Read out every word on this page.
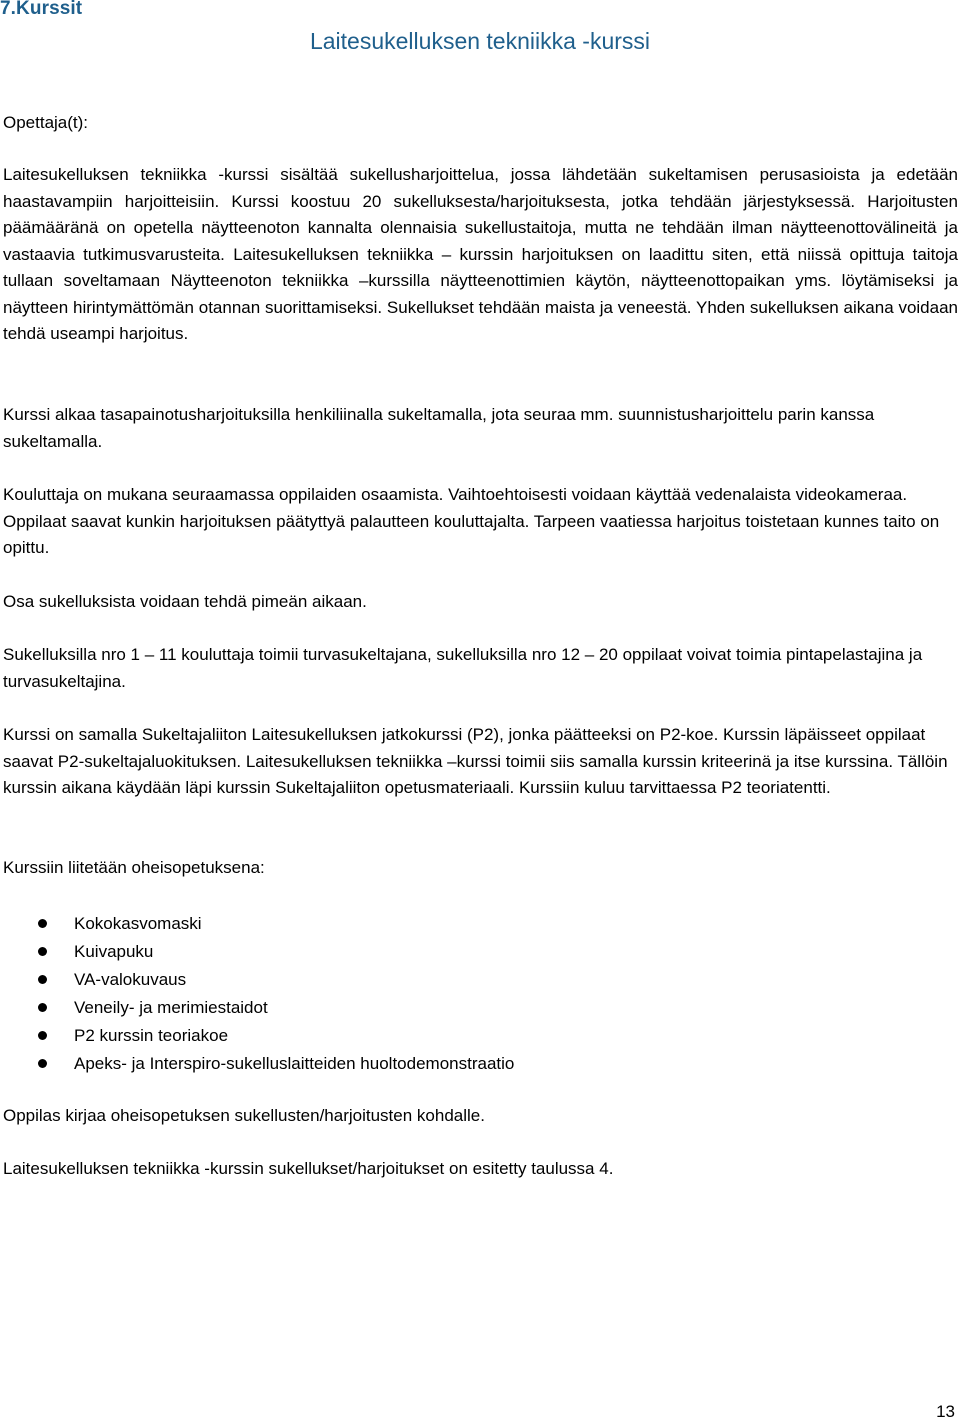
7.Kurssit
Laitesukelluksen tekniikka -kurssi

Opettaja(t):

Laitesukelluksen tekniikka -kurssi sisältää sukellusharjoittelua, jossa lähdetään sukeltamisen perusasioista ja edetään haastavampiin harjoitteisiin. Kurssi koostuu 20 sukelluksesta/harjoituksesta, jotka tehdään järjestyksessä. Harjoitusten päämääränä on opetella näytteenoton kannalta olennaisia sukellustaitoja, mutta ne tehdään ilman näytteenottovälineitä ja vastaavia tutkimusvarusteita. Laitesukelluksen tekniikka – kurssin harjoituksen on laadittu siten, että niissä opittuja taitoja tullaan soveltamaan Näytteenoton tekniikka –kurssilla näytteenottimien käytön, näytteenottopaikan yms. löytämiseksi ja näytteen hirintymättömän otannan suorittamiseksi. Sukellukset tehdään maista ja veneestä. Yhden sukelluksen aikana voidaan tehdä useampi harjoitus.

Kurssi alkaa tasapainotusharjoituksilla henkiliinalla sukeltamalla, jota seuraa mm. suunnistusharjoittelu parin kanssa sukeltamalla.

Kouluttaja on mukana seuraamassa oppilaiden osaamista. Vaihtoehtoisesti voidaan käyttää vedenalaista videokameraa. Oppilaat saavat kunkin harjoituksen päätyttyä palautteen kouluttajalta. Tarpeen vaatiessa harjoitus toistetaan kunnes taito on opittu.

Osa sukelluksista voidaan tehdä pimeän aikaan.

Sukelluksilla nro 1 – 11 kouluttaja toimii turvasukeltajana, sukelluksilla nro 12 – 20 oppilaat voivat toimia pintapelastajina ja turvasukeltajina.

Kurssi on samalla Sukeltajaliiton Laitesukelluksen jatkokurssi (P2), jonka päätteeksi on P2-koe. Kurssin läpäisseet oppilaat saavat P2-sukeltajaluokituksen. Laitesukelluksen tekniikka –kurssi toimii siis samalla kurssin kriteerinä ja itse kurssina. Tällöin kurssin aikana käydään läpi kurssin Sukeltajaliiton opetusmateriaali. Kurssiin kuluu tarvittaessa P2 teoriatentti.

Kurssiin liitetään oheisopetuksena:

Kokokasvomaski
Kuivapuku
VA-valokuvaus
Veneily- ja merimiestaidot
P2 kurssin teoriakoe
Apeks- ja Interspiro-sukelluslaitteiden huoltodemonstraatio

Oppilas kirjaa oheisopetuksen sukellusten/harjoitusten kohdalle.

Laitesukelluksen tekniikka -kurssin sukellukset/harjoitukset on esitetty taulussa 4.

13
